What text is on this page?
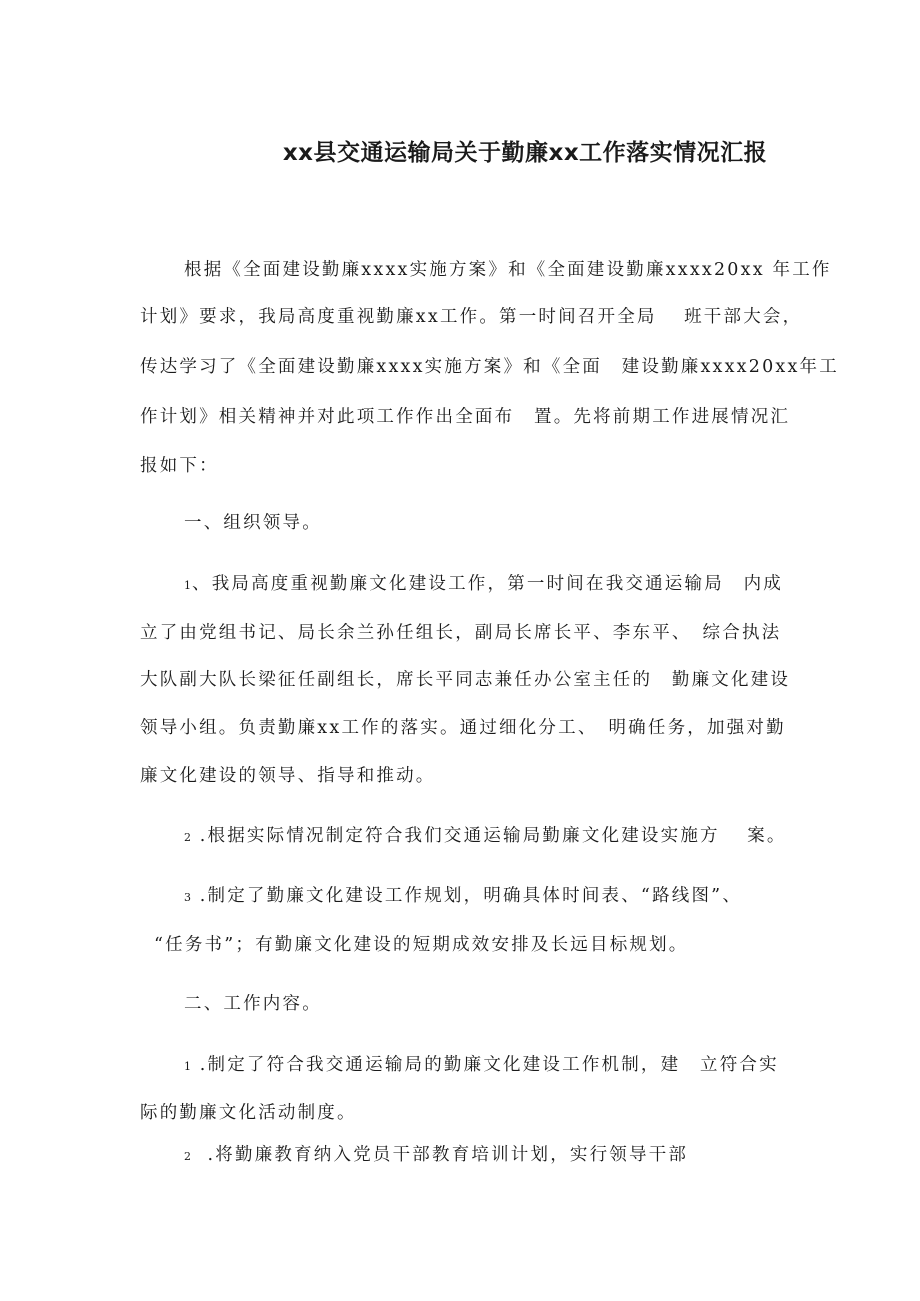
xx县交通运输局关于勤廉xx工作落实情况汇报
根据《全面建设勤廉xxxx实施方案》和《全面建设勤廉xxxx20xx 年工作
计划》要求，我局高度重视勤廉xx工作。第一时间召开全局　 班干部大会，
传达学习了《全面建设勤廉xxxx实施方案》和《全面　建设勤廉xxxx20xx年工
作计划》相关精神并对此项工作作出全面布　置。先将前期工作进展情况汇
报如下：
一、组织领导。
1、我局高度重视勤廉文化建设工作，第一时间在我交通运输局　内成
立了由党组书记、局长余兰孙任组长，副局长席长平、李东平、　综合执法
大队副大队长梁征任副组长，席长平同志兼任办公室主任的　勤廉文化建设
领导小组。负责勤廉xx工作的落实。通过细化分工、　明确任务，加强对勤
廉文化建设的领导、指导和推动。
2 .根据实际情况制定符合我们交通运输局勤廉文化建设实施方　 案。
3 .制定了勤廉文化建设工作规划，明确具体时间表、“路线图”、
“任务书”；有勤廉文化建设的短期成效安排及长远目标规划。
二、工作内容。
1 .制定了符合我交通运输局的勤廉文化建设工作机制，建　立符合实
际的勤廉文化活动制度。
2 .将勤廉教育纳入党员干部教育培训计划，实行领导干部
